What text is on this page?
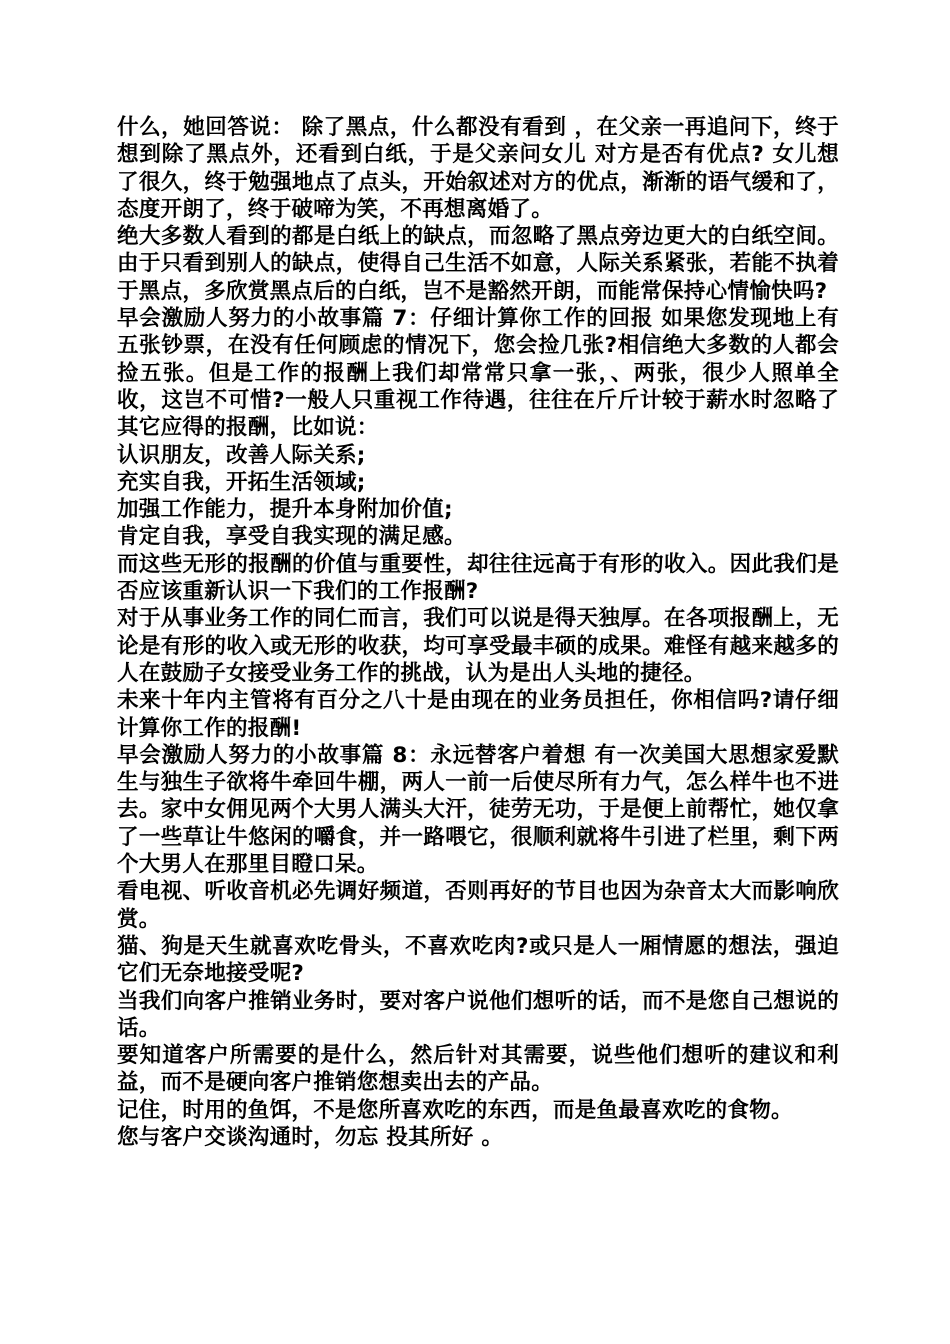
什么，她回答说： 除了黑点，什么都没有看到 ，在父亲一再追问下，终于想到除了黑点外，还看到白纸，于是父亲问女儿 对方是否有优点? 女儿想了很久，终于勉强地点了点头，开始叙述对方的优点，渐渐的语气缓和了，态度开朗了，终于破啼为笑，不再想离婚了。

绝大多数人看到的都是白纸上的缺点，而忽略了黑点旁边更大的白纸空间。由于只看到别人的缺点，使得自己生活不如意，人际关系紧张，若能不执着于黑点，多欣赏黑点后的白纸，岂不是豁然开朗，而能常保持心情愉快吗?

早会激励人努力的小故事篇 7：仔细计算你工作的回报 如果您发现地上有五张钞票，在没有任何顾虑的情况下，您会捡几张?相信绝大多数的人都会捡五张。但是工作的报酬上我们却常常只拿一张，、两张，很少人照单全收，这岂不可惜?一般人只重视工作待遇，往往在斤斤计较于薪水时忽略了其它应得的报酬，比如说：

认识朋友，改善人际关系;

充实自我，开拓生活领域;

加强工作能力，提升本身附加价值;

肯定自我，享受自我实现的满足感。

而这些无形的报酬的价值与重要性，却往往远高于有形的收入。因此我们是否应该重新认识一下我们的工作报酬?

对于从事业务工作的同仁而言，我们可以说是得天独厚。在各项报酬上，无论是有形的收入或无形的收获，均可享受最丰硕的成果。难怪有越来越多的人在鼓励子女接受业务工作的挑战，认为是出人头地的捷径。

未来十年内主管将有百分之八十是由现在的业务员担任，你相信吗?请仔细计算你工作的报酬!

早会激励人努力的小故事篇 8：永远替客户着想 有一次美国大思想家爱默生与独生子欲将牛牵回牛棚，两人一前一后使尽所有力气，怎么样牛也不进去。家中女佣见两个大男人满头大汗，徒劳无功，于是便上前帮忙，她仅拿了一些草让牛悠闲的嚼食，并一路喂它，很顺利就将牛引进了栏里，剩下两个大男人在那里目瞪口呆。

看电视、听收音机必先调好频道，否则再好的节目也因为杂音太大而影响欣赏。

猫、狗是天生就喜欢吃骨头，不喜欢吃肉?或只是人一厢情愿的想法，强迫它们无奈地接受呢?

当我们向客户推销业务时，要对客户说他们想听的话，而不是您自己想说的话。

要知道客户所需要的是什么，然后针对其需要，说些他们想听的建议和利益，而不是硬向客户推销您想卖出去的产品。

记住，时用的鱼饵，不是您所喜欢吃的东西，而是鱼最喜欢吃的食物。

您与客户交谈沟通时，勿忘 投其所好 。
